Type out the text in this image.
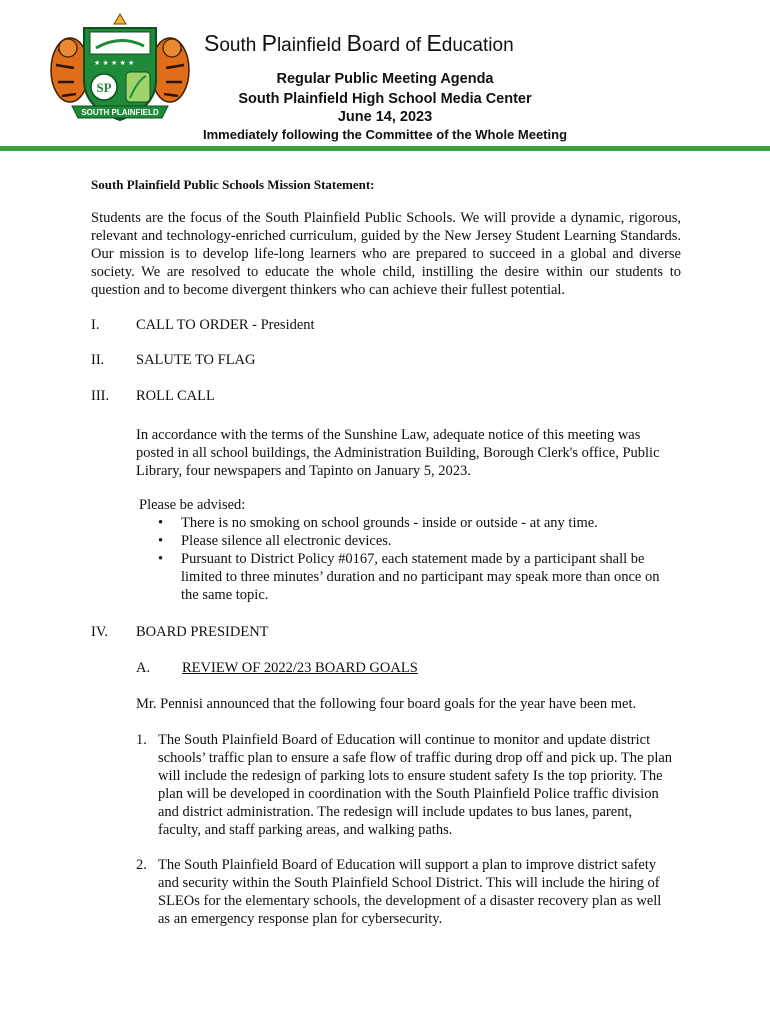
★ ★ ★ ★ ★
SP
SOUTH PLAINFIELD
South Plainfield Board of Education
Regular Public Meeting Agenda
South Plainfield High School Media Center
June 14, 2023
Immediately following the Committee of the Whole Meeting
South Plainfield Public Schools Mission Statement:

Students are the focus of the South Plainfield Public Schools. We will provide a dynamic, rigorous, relevant and technology-enriched curriculum, guided by the New Jersey Student Learning Standards. Our mission is to develop life-long learners who are prepared to succeed in a global and diverse society. We are resolved to educate the whole child, instilling the desire within our students to question and to become divergent thinkers who can achieve their fullest potential.

I.	CALL TO ORDER - President
II. SALUTE TO FLAG
III. ROLL CALL

In accordance with the terms of the Sunshine Law, adequate notice of this meeting was posted in all school buildings, the Administration Building, Borough Clerk's office, Public Library, four newspapers and Tapinto on January 5, 2023.

Please be advised:
• There is no smoking on school grounds - inside or outside - at any time.
• Please silence all electronic devices.
• Pursuant to District Policy #0167, each statement made by a participant shall be limited to three minutes’ duration and no participant may speak more than once on the same topic.
IV. BOARD PRESIDENT
A. REVIEW OF 2022/23 BOARD GOALS
Mr. Pennisi announced that the following four board goals for the year have been met.
1. The South Plainfield Board of Education will continue to monitor and update district schools’ traffic plan to ensure a safe flow of traffic during drop off and pick up. The plan will include the redesign of parking lots to ensure student safety Is the top priority. The plan will be developed in coordination with the South Plainfield Police traffic division and district administration. The redesign will include updates to bus lanes, parent, faculty, and staff parking areas, and walking paths.
2. The South Plainfield Board of Education will support a plan to improve district safety and security within the South Plainfield School District. This will include the hiring of SLEOs for the elementary schools, the development of a disaster recovery plan as well as an emergency response plan for cybersecurity.
